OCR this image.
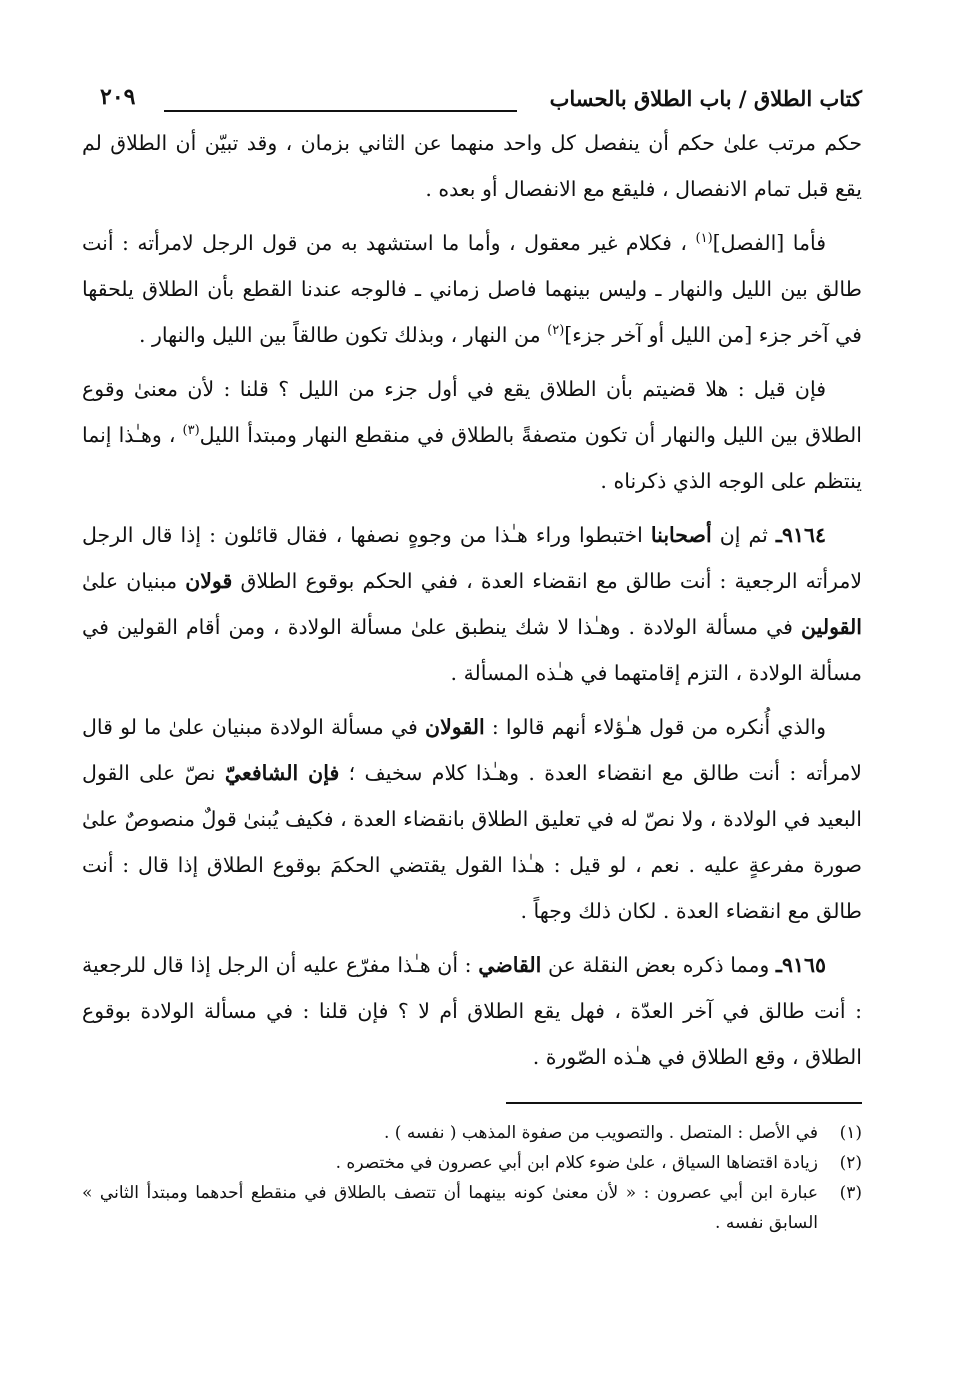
كتاب الطلاق / باب الطلاق بالحساب
٢٠٩

حكم مرتب علىٰ حكم أن ينفصل كل واحد منهما عن الثاني بزمان ، وقد تبيّن أن الطلاق لم يقع قبل تمام الانفصال ، فليقع مع الانفصال أو بعده .

فأما [الفصل]$^{(١)}$ ، فكلام غير معقول ، وأما ما استشهد به من قول الرجل لامرأته : أنت طالق بين الليل والنهار ـ وليس بينهما فاصل زماني ـ فالوجه عندنا القطع بأن الطلاق يلحقها في آخر جزء [من الليل أو آخر جزء]$^{(٢)}$ من النهار ، وبذلك تكون طالقاً بين الليل والنهار .

فإن قيل : هلا قضيتم بأن الطلاق يقع في أول جزء من الليل ؟ قلنا : لأن معنىٰ وقوع الطلاق بين الليل والنهار أن تكون متصفةً بالطلاق في منقطع النهار ومبتدأ الليل$^{(٣)}$ ، وهـٰذا إنما ينتظم على الوجه الذي ذكرناه .

٩١٦٤ـ ثم إن أصحابنا اختبطوا وراء هـٰذا من وجوهٍ نصفها ، فقال قائلون : إذا قال الرجل لامرأته الرجعية : أنت طالق مع انقضاء العدة ، ففي الحكم بوقوع الطلاق قولان مبنيان علىٰ القولين في مسألة الولادة . وهـٰذا لا شك ينطبق علىٰ مسألة الولادة ، ومن أقام القولين في مسألة الولادة ، التزم إقامتهما في هـٰذه المسألة .

والذي أُنكره من قول هـٰؤلاء أنهم قالوا : القولان في مسألة الولادة مبنيان علىٰ ما لو قال لامرأته : أنت طالق مع انقضاء العدة . وهـٰذا كلام سخيف ؛ فإن الشافعيّ نصّ على القول البعيد في الولادة ، ولا نصّ له في تعليق الطلاق بانقضاء العدة ، فكيف يُبنىٰ قولٌ منصوصٌ علىٰ صورة مفرعةٍ عليه . نعم ، لو قيل : هـٰذا القول يقتضي الحكمَ بوقوع الطلاق إذا قال : أنت طالق مع انقضاء العدة . لكان ذلك وجهاً .

٩١٦٥ـ ومما ذكره بعض النقلة عن القاضي : أن هـٰذا مفرّع عليه أن الرجل إذا قال للرجعية : أنت طالق في آخر العدّة ، فهل يقع الطلاق أم لا ؟ فإن قلنا : في مسألة الولادة بوقوع الطلاق ، وقع الطلاق في هـٰذه الصّورة .

(١)
في الأصل : المتصل . والتصويب من صفوة المذهب ( نفسه ) .
(٢)
زيادة اقتضاها السياق ، علىٰ ضوء كلام ابن أبي عصرون في مختصره .
(٣)
عبارة ابن أبي عصرون : « لأن معنىٰ كونه بينهما أن تتصف بالطلاق في منقطع أحدهما ومبتدأ الثاني » السابق نفسه .
